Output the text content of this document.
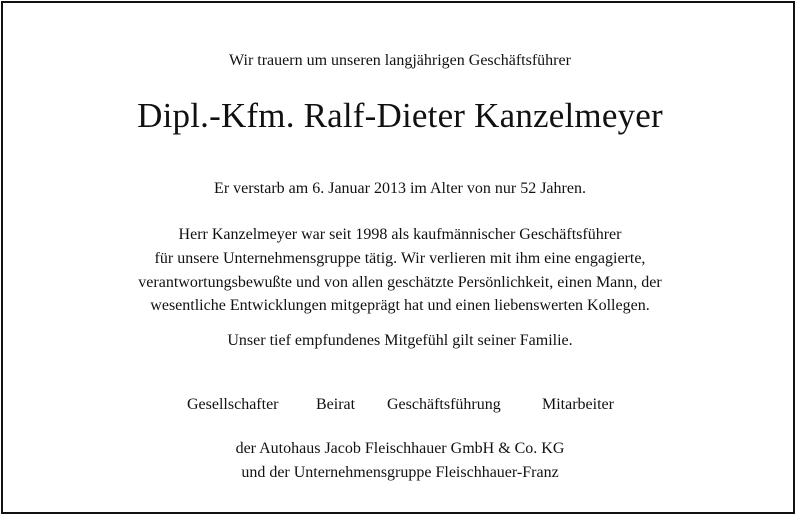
Wir trauern um unseren langjährigen Geschäftsführer
Dipl.-Kfm. Ralf-Dieter Kanzelmeyer
Er verstarb am 6. Januar 2013 im Alter von nur 52 Jahren.
Herr Kanzelmeyer war seit 1998 als kaufmännischer Geschäftsführer
für unsere Unternehmensgruppe tätig. Wir verlieren mit ihm eine engagierte,
verantwortungsbewußte und von allen geschätzte Persönlichkeit, einen Mann, der
wesentliche Entwicklungen mitgeprägt hat und einen liebenswerten Kollegen.
Unser tief empfundenes Mitgefühl gilt seiner Familie.
Gesellschafter Beirat Geschäftsführung	Mitarbeiter
der Autohaus Jacob Fleischhauer GmbH & Co. KG
und der Unternehmensgruppe Fleischhauer-Franz
